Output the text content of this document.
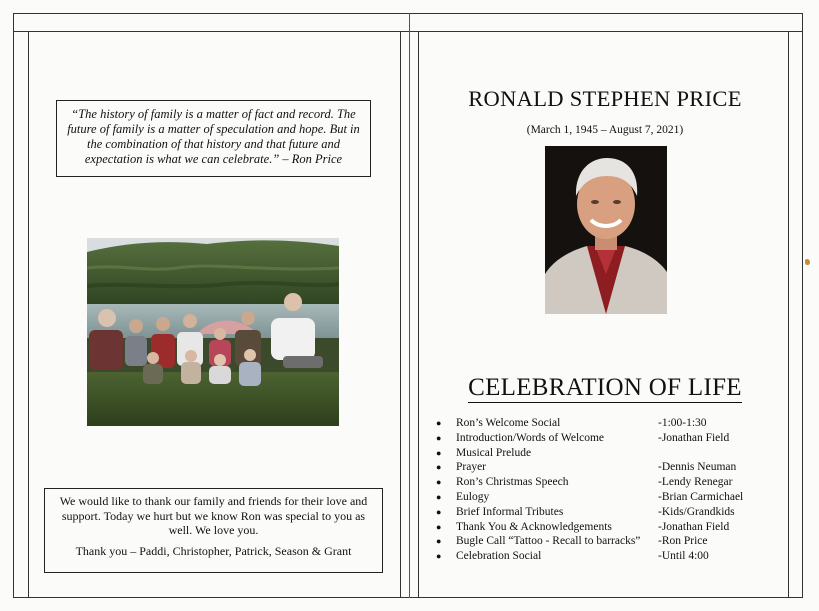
“The history of family is a matter of fact and record. The future of family is a matter of speculation and hope. But in the combination of that history and that future and expectation is what we can celebrate.” – Ron Price

We would like to thank our family and friends for their love and support. Today we hurt but we know Ron was special to you as well. We love you.

Thank you – Paddi, Christopher, Patrick, Season & Grant

RONALD STEPHEN PRICE
(March 1, 1945 – August 7, 2021)
CELEBRATION OF LIFE
● Ron’s Welcome Social	-1:00-1:30
● Introduction/Words of Welcome	-Jonathan Field
● Musical Prelude
● Prayer	-Dennis Neuman
● Ron’s Christmas Speech	-Lendy Renegar
● Eulogy	-Brian Carmichael
● Brief Informal Tributes	-Kids/Grandkids
● Thank You & Acknowledgements	-Jonathan Field
● Bugle Call “Tattoo - Recall to barracks” -Ron Price
● Celebration Social	-Until 4:00
